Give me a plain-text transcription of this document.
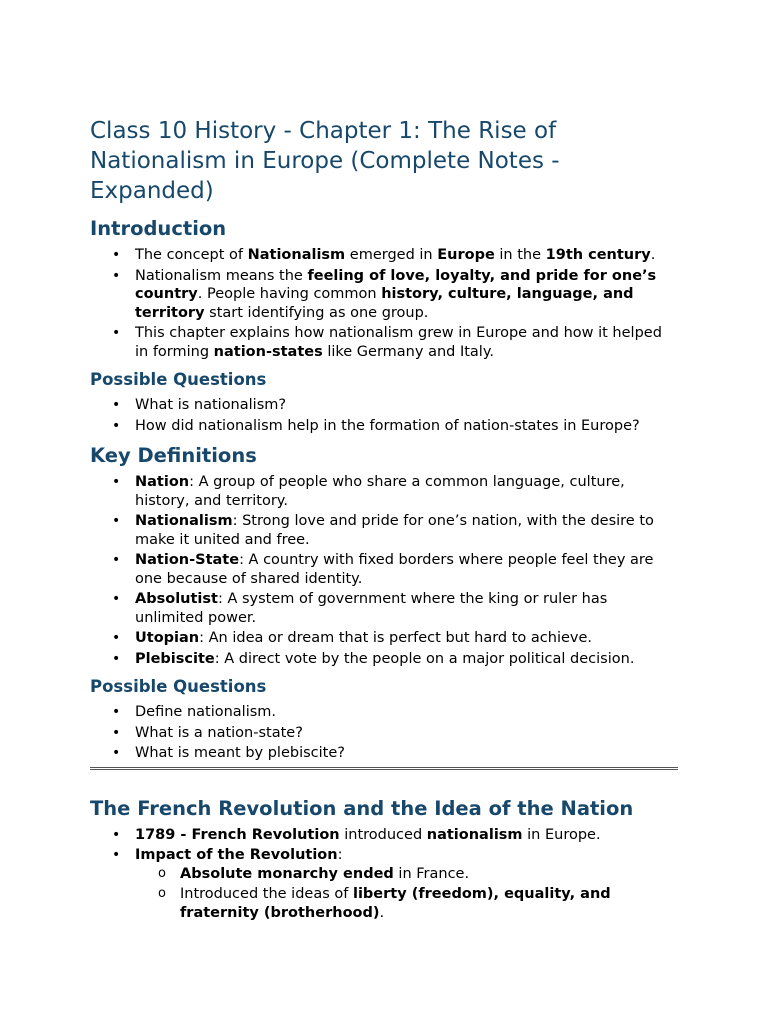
Class 10 History - Chapter 1: The Rise of Nationalism in Europe (Complete Notes - Expanded)
Introduction
• The concept of Nationalism emerged in Europe in the 19th century.
• Nationalism means the feeling of love, loyalty, and pride for one’s country. People having common history, culture, language, and territory start identifying as one group.
• This chapter explains how nationalism grew in Europe and how it helped in forming nation-states like Germany and Italy.
Possible Questions
• What is nationalism?
• How did nationalism help in the formation of nation-states in Europe?
Key Definitions
• Nation: A group of people who share a common language, culture, history, and territory.
• Nationalism: Strong love and pride for one’s nation, with the desire to make it united and free.
• Nation-State: A country with fixed borders where people feel they are one because of shared identity.
• Absolutist: A system of government where the king or ruler has unlimited power.
• Utopian: An idea or dream that is perfect but hard to achieve.
• Plebiscite: A direct vote by the people on a major political decision.
Possible Questions
• Define nationalism.
• What is a nation-state?
• What is meant by plebiscite?
The French Revolution and the Idea of the Nation
• 1789 - French Revolution introduced nationalism in Europe.
• Impact of the Revolution:
o Absolute monarchy ended in France.
o Introduced the ideas of liberty (freedom), equality, and fraternity (brotherhood).
